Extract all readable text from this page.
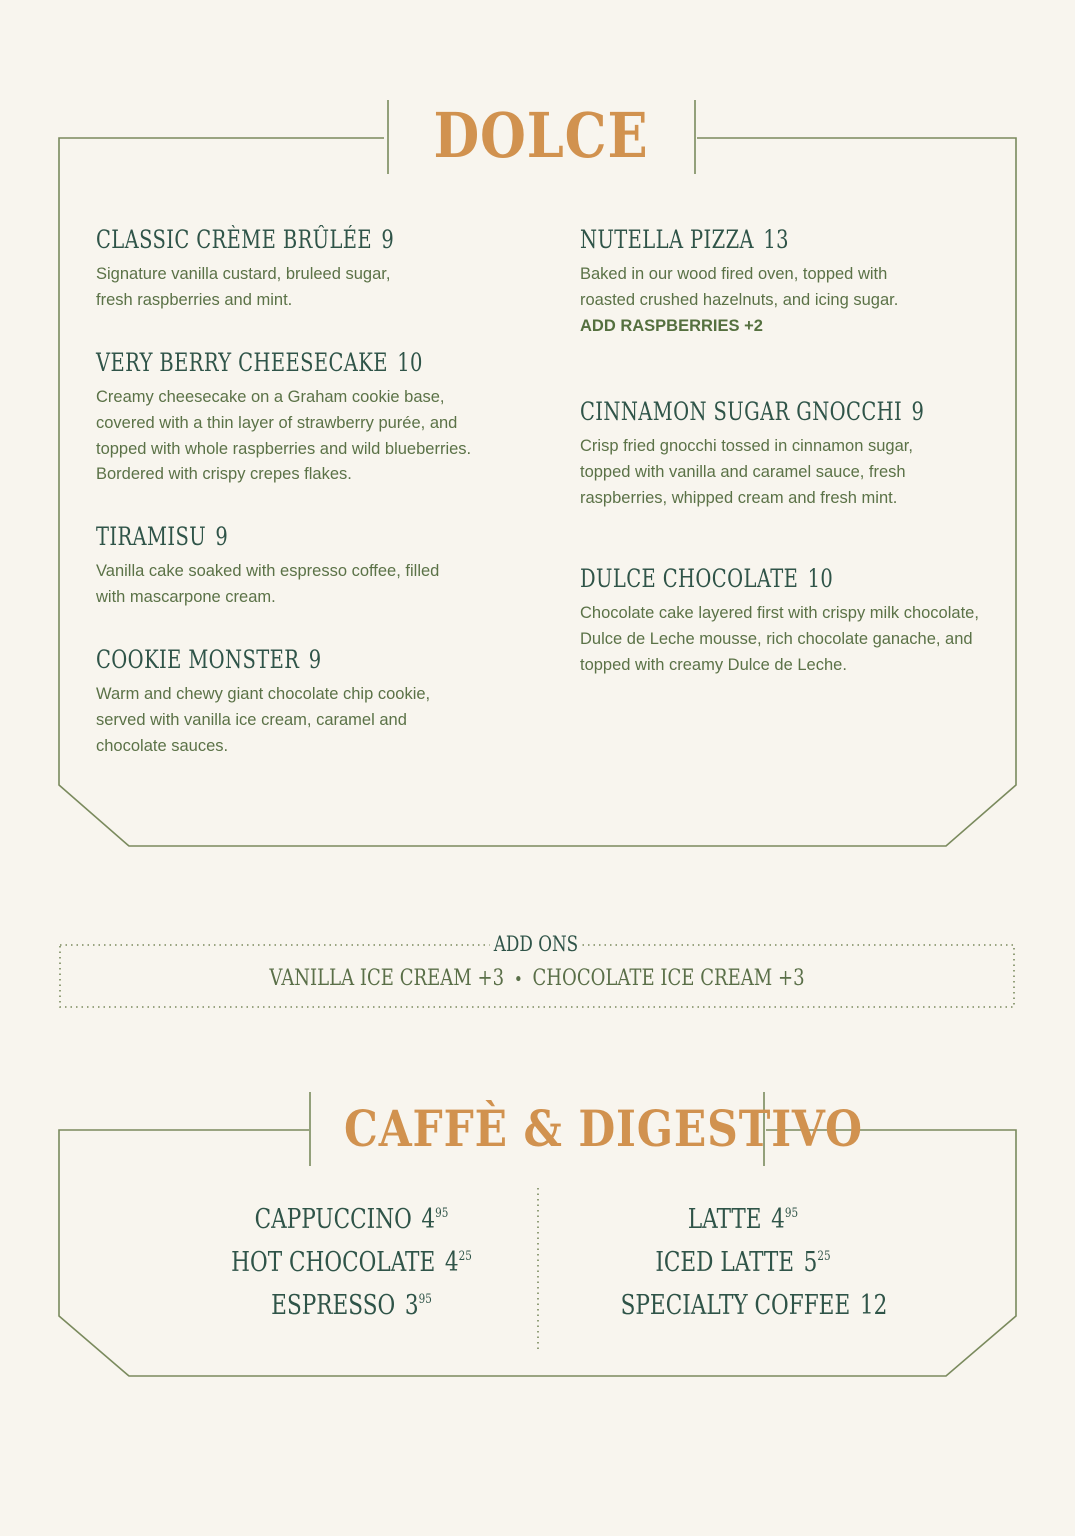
DOLCE
CLASSIC CRÈME BRÛLÉE 9
Signature vanilla custard, bruleed sugar, fresh raspberries and mint.
VERY BERRY CHEESECAKE 10
Creamy cheesecake on a Graham cookie base, covered with a thin layer of strawberry purée, and topped with whole raspberries and wild blueberries. Bordered with crispy crepes flakes.
TIRAMISU 9
Vanilla cake soaked with espresso coffee, filled with mascarpone cream.
COOKIE MONSTER 9
Warm and chewy giant chocolate chip cookie, served with vanilla ice cream, caramel and chocolate sauces.
NUTELLA PIZZA 13
Baked in our wood fired oven, topped with roasted crushed hazelnuts, and icing sugar.
ADD RASPBERRIES +2
CINNAMON SUGAR GNOCCHI 9
Crisp fried gnocchi tossed in cinnamon sugar, topped with vanilla and caramel sauce, fresh raspberries, whipped cream and fresh mint.
DULCE CHOCOLATE 10
Chocolate cake layered first with crispy milk chocolate, Dulce de Leche mousse, rich chocolate ganache, and topped with creamy Dulce de Leche.
ADD ONS
VANILLA ICE CREAM +3 • CHOCOLATE ICE CREAM +3
CAFFÈ & DIGESTIVO
CAPPUCCINO $4^{95}$
HOT CHOCOLATE $4^{25}$
ESPRESSO $3^{95}$
LATTE $4^{95}$
ICED LATTE $5^{25}$
SPECIALTY COFFEE 12
